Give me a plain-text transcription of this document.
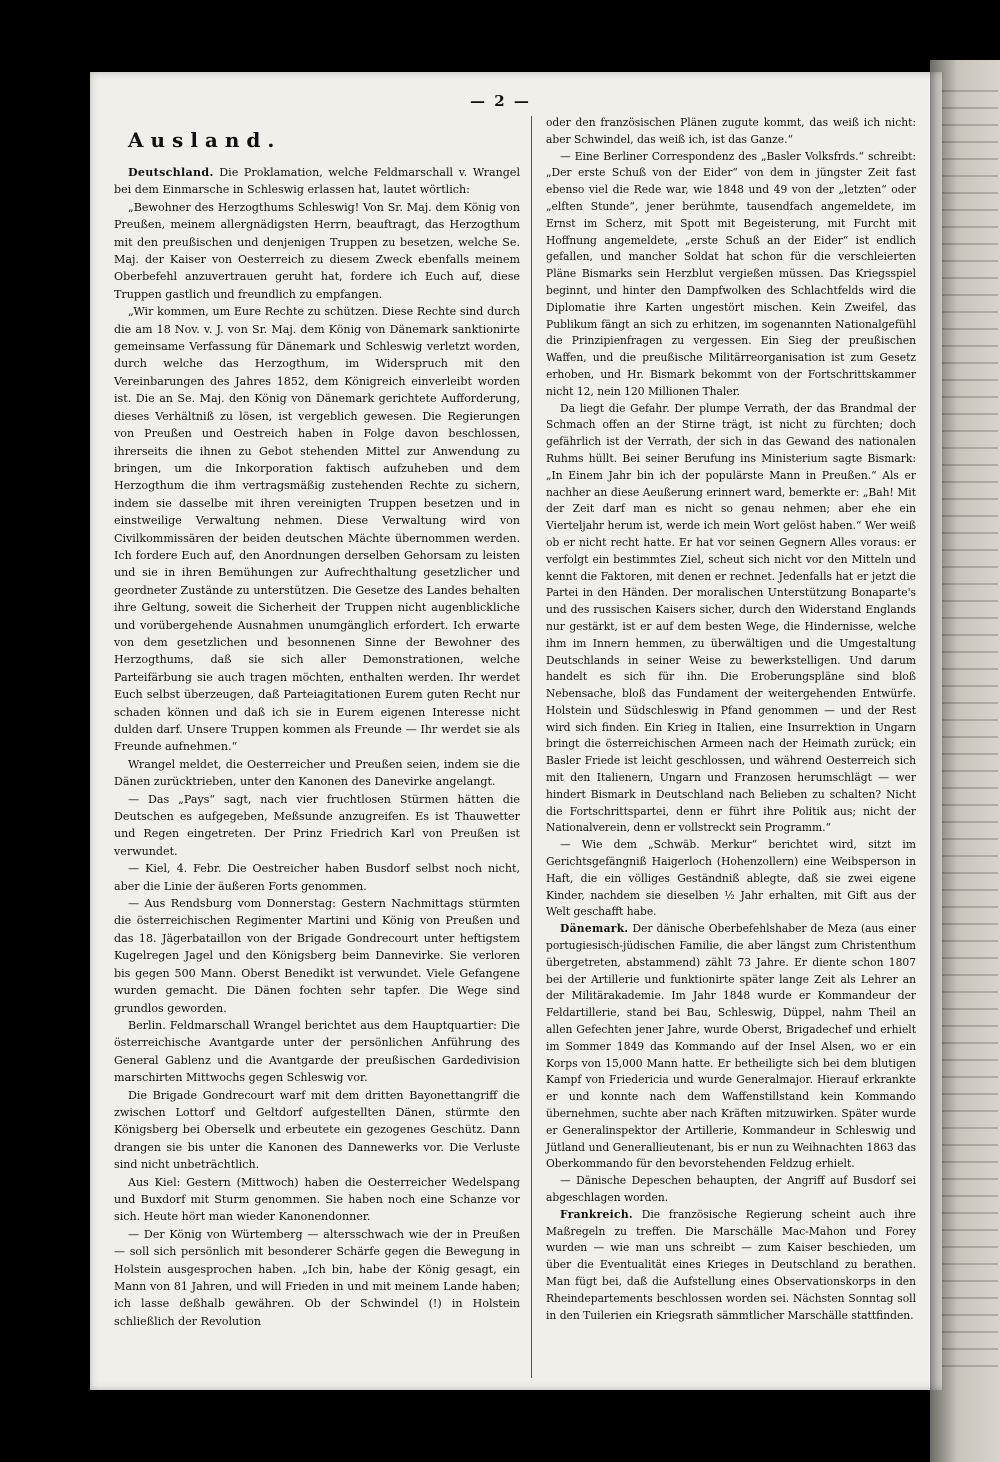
— 2 —
Ausland.

Deutschland. Die Proklamation, welche Feldmarschall v. Wrangel bei dem Einmarsche in Schleswig erlassen hat, lautet wörtlich:

„Bewohner des Herzogthums Schleswig! Von Sr. Maj. dem König von Preußen, meinem allergnädigsten Herrn, beauftragt, das Herzogthum mit den preußischen und denjenigen Truppen zu besetzen, welche Se. Maj. der Kaiser von Oesterreich zu diesem Zweck ebenfalls meinem Oberbefehl anzuvertrauen geruht hat, fordere ich Euch auf, diese Truppen gastlich und freundlich zu empfangen.

„Wir kommen, um Eure Rechte zu schützen. Diese Rechte sind durch die am 18 Nov. v. J. von Sr. Maj. dem König von Dänemark sanktionirte gemeinsame Verfassung für Dänemark und Schleswig verletzt worden, durch welche das Herzogthum, im Widerspruch mit den Vereinbarungen des Jahres 1852, dem Königreich einverleibt worden ist. Die an Se. Maj. den König von Dänemark gerichtete Aufforderung, dieses Verhältniß zu lösen, ist vergeblich gewesen. Die Regierungen von Preußen und Oestreich haben in Folge davon beschlossen, ihrerseits die ihnen zu Gebot stehenden Mittel zur Anwendung zu bringen, um die Inkorporation faktisch aufzuheben und dem Herzogthum die ihm vertragsmäßig zustehenden Rechte zu sichern, indem sie dasselbe mit ihren vereinigten Truppen besetzen und in einstweilige Verwaltung nehmen. Diese Verwaltung wird von Civilkommissären der beiden deutschen Mächte übernommen werden. Ich fordere Euch auf, den Anordnungen derselben Gehorsam zu leisten und sie in ihren Bemühungen zur Aufrechthaltung gesetzlicher und geordneter Zustände zu unterstützen. Die Gesetze des Landes behalten ihre Geltung, soweit die Sicherheit der Truppen nicht augenblickliche und vorübergehende Ausnahmen unumgänglich erfordert. Ich erwarte von dem gesetzlichen und besonnenen Sinne der Bewohner des Herzogthums, daß sie sich aller Demonstrationen, welche Parteifärbung sie auch tragen möchten, enthalten werden. Ihr werdet Euch selbst überzeugen, daß Parteiagitationen Eurem guten Recht nur schaden können und daß ich sie in Eurem eigenen Interesse nicht dulden darf. Unsere Truppen kommen als Freunde — Ihr werdet sie als Freunde aufnehmen.“

Wrangel meldet, die Oesterreicher und Preußen seien, indem sie die Dänen zurücktrieben, unter den Kanonen des Danevirke angelangt.

— Das „Pays“ sagt, nach vier fruchtlosen Stürmen hätten die Deutschen es aufgegeben, Meßsunde anzugreifen. Es ist Thauwetter und Regen eingetreten. Der Prinz Friedrich Karl von Preußen ist verwundet.

— Kiel, 4. Febr. Die Oestreicher haben Busdorf selbst noch nicht, aber die Linie der äußeren Forts genommen.

— Aus Rendsburg vom Donnerstag: Gestern Nachmittags stürmten die österreichischen Regimenter Martini und König von Preußen und das 18. Jägerbataillon von der Brigade Gondrecourt unter heftigstem Kugelregen Jagel und den Königsberg beim Dannevirke. Sie verloren bis gegen 500 Mann. Oberst Benedikt ist verwundet. Viele Gefangene wurden gemacht. Die Dänen fochten sehr tapfer. Die Wege sind grundlos geworden.

Berlin. Feldmarschall Wrangel berichtet aus dem Hauptquartier: Die österreichische Avantgarde unter der persönlichen Anführung des General Gablenz und die Avantgarde der preußischen Gardedivision marschirten Mittwochs gegen Schleswig vor.

Die Brigade Gondrecourt warf mit dem dritten Bayonettangriff die zwischen Lottorf und Geltdorf aufgestellten Dänen, stürmte den Königsberg bei Oberselk und erbeutete ein gezogenes Geschütz. Dann drangen sie bis unter die Kanonen des Dannewerks vor. Die Verluste sind nicht unbeträchtlich.

Aus Kiel: Gestern (Mittwoch) haben die Oesterreicher Wedelspang und Buxdorf mit Sturm genommen. Sie haben noch eine Schanze vor sich. Heute hört man wieder Kanonendonner.

— Der König von Würtemberg — altersschwach wie der in Preußen — soll sich persönlich mit besonderer Schärfe gegen die Bewegung in Holstein ausgesprochen haben. „Ich bin, habe der König gesagt, ein Mann von 81 Jahren, und will Frieden in und mit meinem Lande haben; ich lasse deßhalb gewähren. Ob der Schwindel (!) in Holstein schließlich der Revolution

oder den französischen Plänen zugute kommt, das weiß ich nicht: aber Schwindel, das weiß ich, ist das Ganze.“

— Eine Berliner Correspondenz des „Basler Volksfrds.“ schreibt: „Der erste Schuß von der Eider“ von dem in jüngster Zeit fast ebenso viel die Rede war, wie 1848 und 49 von der „letzten“ oder „elften Stunde“, jener berühmte, tausendfach angemeldete, im Ernst im Scherz, mit Spott mit Begeisterung, mit Furcht mit Hoffnung angemeldete, „erste Schuß an der Eider“ ist endlich gefallen, und mancher Soldat hat schon für die verschleierten Pläne Bismarks sein Herzblut vergießen müssen. Das Kriegsspiel beginnt, und hinter den Dampfwolken des Schlachtfelds wird die Diplomatie ihre Karten ungestört mischen. Kein Zweifel, das Publikum fängt an sich zu erhitzen, im sogenannten Nationalgefühl die Prinzipienfragen zu vergessen. Ein Sieg der preußischen Waffen, und die preußische Militärreorganisation ist zum Gesetz erhoben, und Hr. Bismark bekommt von der Fortschrittskammer nicht 12, nein 120 Millionen Thaler.

Da liegt die Gefahr. Der plumpe Verrath, der das Brandmal der Schmach offen an der Stirne trägt, ist nicht zu fürchten; doch gefährlich ist der Verrath, der sich in das Gewand des nationalen Ruhms hüllt. Bei seiner Berufung ins Ministerium sagte Bismark: „In Einem Jahr bin ich der populärste Mann in Preußen.“ Als er nachher an diese Aeußerung erinnert ward, bemerkte er: „Bah! Mit der Zeit darf man es nicht so genau nehmen; aber ehe ein Vierteljahr herum ist, werde ich mein Wort gelöst haben.“ Wer weiß ob er nicht recht hatte. Er hat vor seinen Gegnern Alles voraus: er verfolgt ein bestimmtes Ziel, scheut sich nicht vor den Mitteln und kennt die Faktoren, mit denen er rechnet. Jedenfalls hat er jetzt die Partei in den Händen. Der moralischen Unterstützung Bonaparte's und des russischen Kaisers sicher, durch den Widerstand Englands nur gestärkt, ist er auf dem besten Wege, die Hindernisse, welche ihm im Innern hemmen, zu überwältigen und die Umgestaltung Deutschlands in seiner Weise zu bewerkstelligen. Und darum handelt es sich für ihn. Die Eroberungspläne sind bloß Nebensache, bloß das Fundament der weitergehenden Entwürfe. Holstein und Südschleswig in Pfand genommen — und der Rest wird sich finden. Ein Krieg in Italien, eine Insurrektion in Ungarn bringt die österreichischen Armeen nach der Heimath zurück; ein Basler Friede ist leicht geschlossen, und während Oesterreich sich mit den Italienern, Ungarn und Franzosen herumschlägt — wer hindert Bismark in Deutschland nach Belieben zu schalten? Nicht die Fortschrittspartei, denn er führt ihre Politik aus; nicht der Nationalverein, denn er vollstreckt sein Programm.“

— Wie dem „Schwäb. Merkur“ berichtet wird, sitzt im Gerichtsgefängniß Haigerloch (Hohenzollern) eine Weibsperson in Haft, die ein völliges Geständniß ablegte, daß sie zwei eigene Kinder, nachdem sie dieselben ½ Jahr erhalten, mit Gift aus der Welt geschafft habe.

Dänemark. Der dänische Oberbefehlshaber de Meza (aus einer portugiesisch-jüdischen Familie, die aber längst zum Christenthum übergetreten, abstammend) zählt 73 Jahre. Er diente schon 1807 bei der Artillerie und funktionirte später lange Zeit als Lehrer an der Militärakademie. Im Jahr 1848 wurde er Kommandeur der Feldartillerie, stand bei Bau, Schleswig, Düppel, nahm Theil an allen Gefechten jener Jahre, wurde Oberst, Brigadechef und erhielt im Sommer 1849 das Kommando auf der Insel Alsen, wo er ein Korps von 15,000 Mann hatte. Er betheiligte sich bei dem blutigen Kampf von Friedericia und wurde Generalmajor. Hierauf erkrankte er und konnte nach dem Waffenstillstand kein Kommando übernehmen, suchte aber nach Kräften mitzuwirken. Später wurde er Generalinspektor der Artillerie, Kommandeur in Schleswig und Jütland und Generallieutenant, bis er nun zu Weihnachten 1863 das Oberkommando für den bevorstehenden Feldzug erhielt.

— Dänische Depeschen behaupten, der Angriff auf Busdorf sei abgeschlagen worden.

Frankreich. Die französische Regierung scheint auch ihre Maßregeln zu treffen. Die Marschälle Mac-Mahon und Forey wurden — wie man uns schreibt — zum Kaiser beschieden, um über die Eventualität eines Krieges in Deutschland zu berathen. Man fügt bei, daß die Aufstellung eines Observationskorps in den Rheindepartements beschlossen worden sei. Nächsten Sonntag soll in den Tuilerien ein Kriegsrath sämmtlicher Marschälle stattfinden.
